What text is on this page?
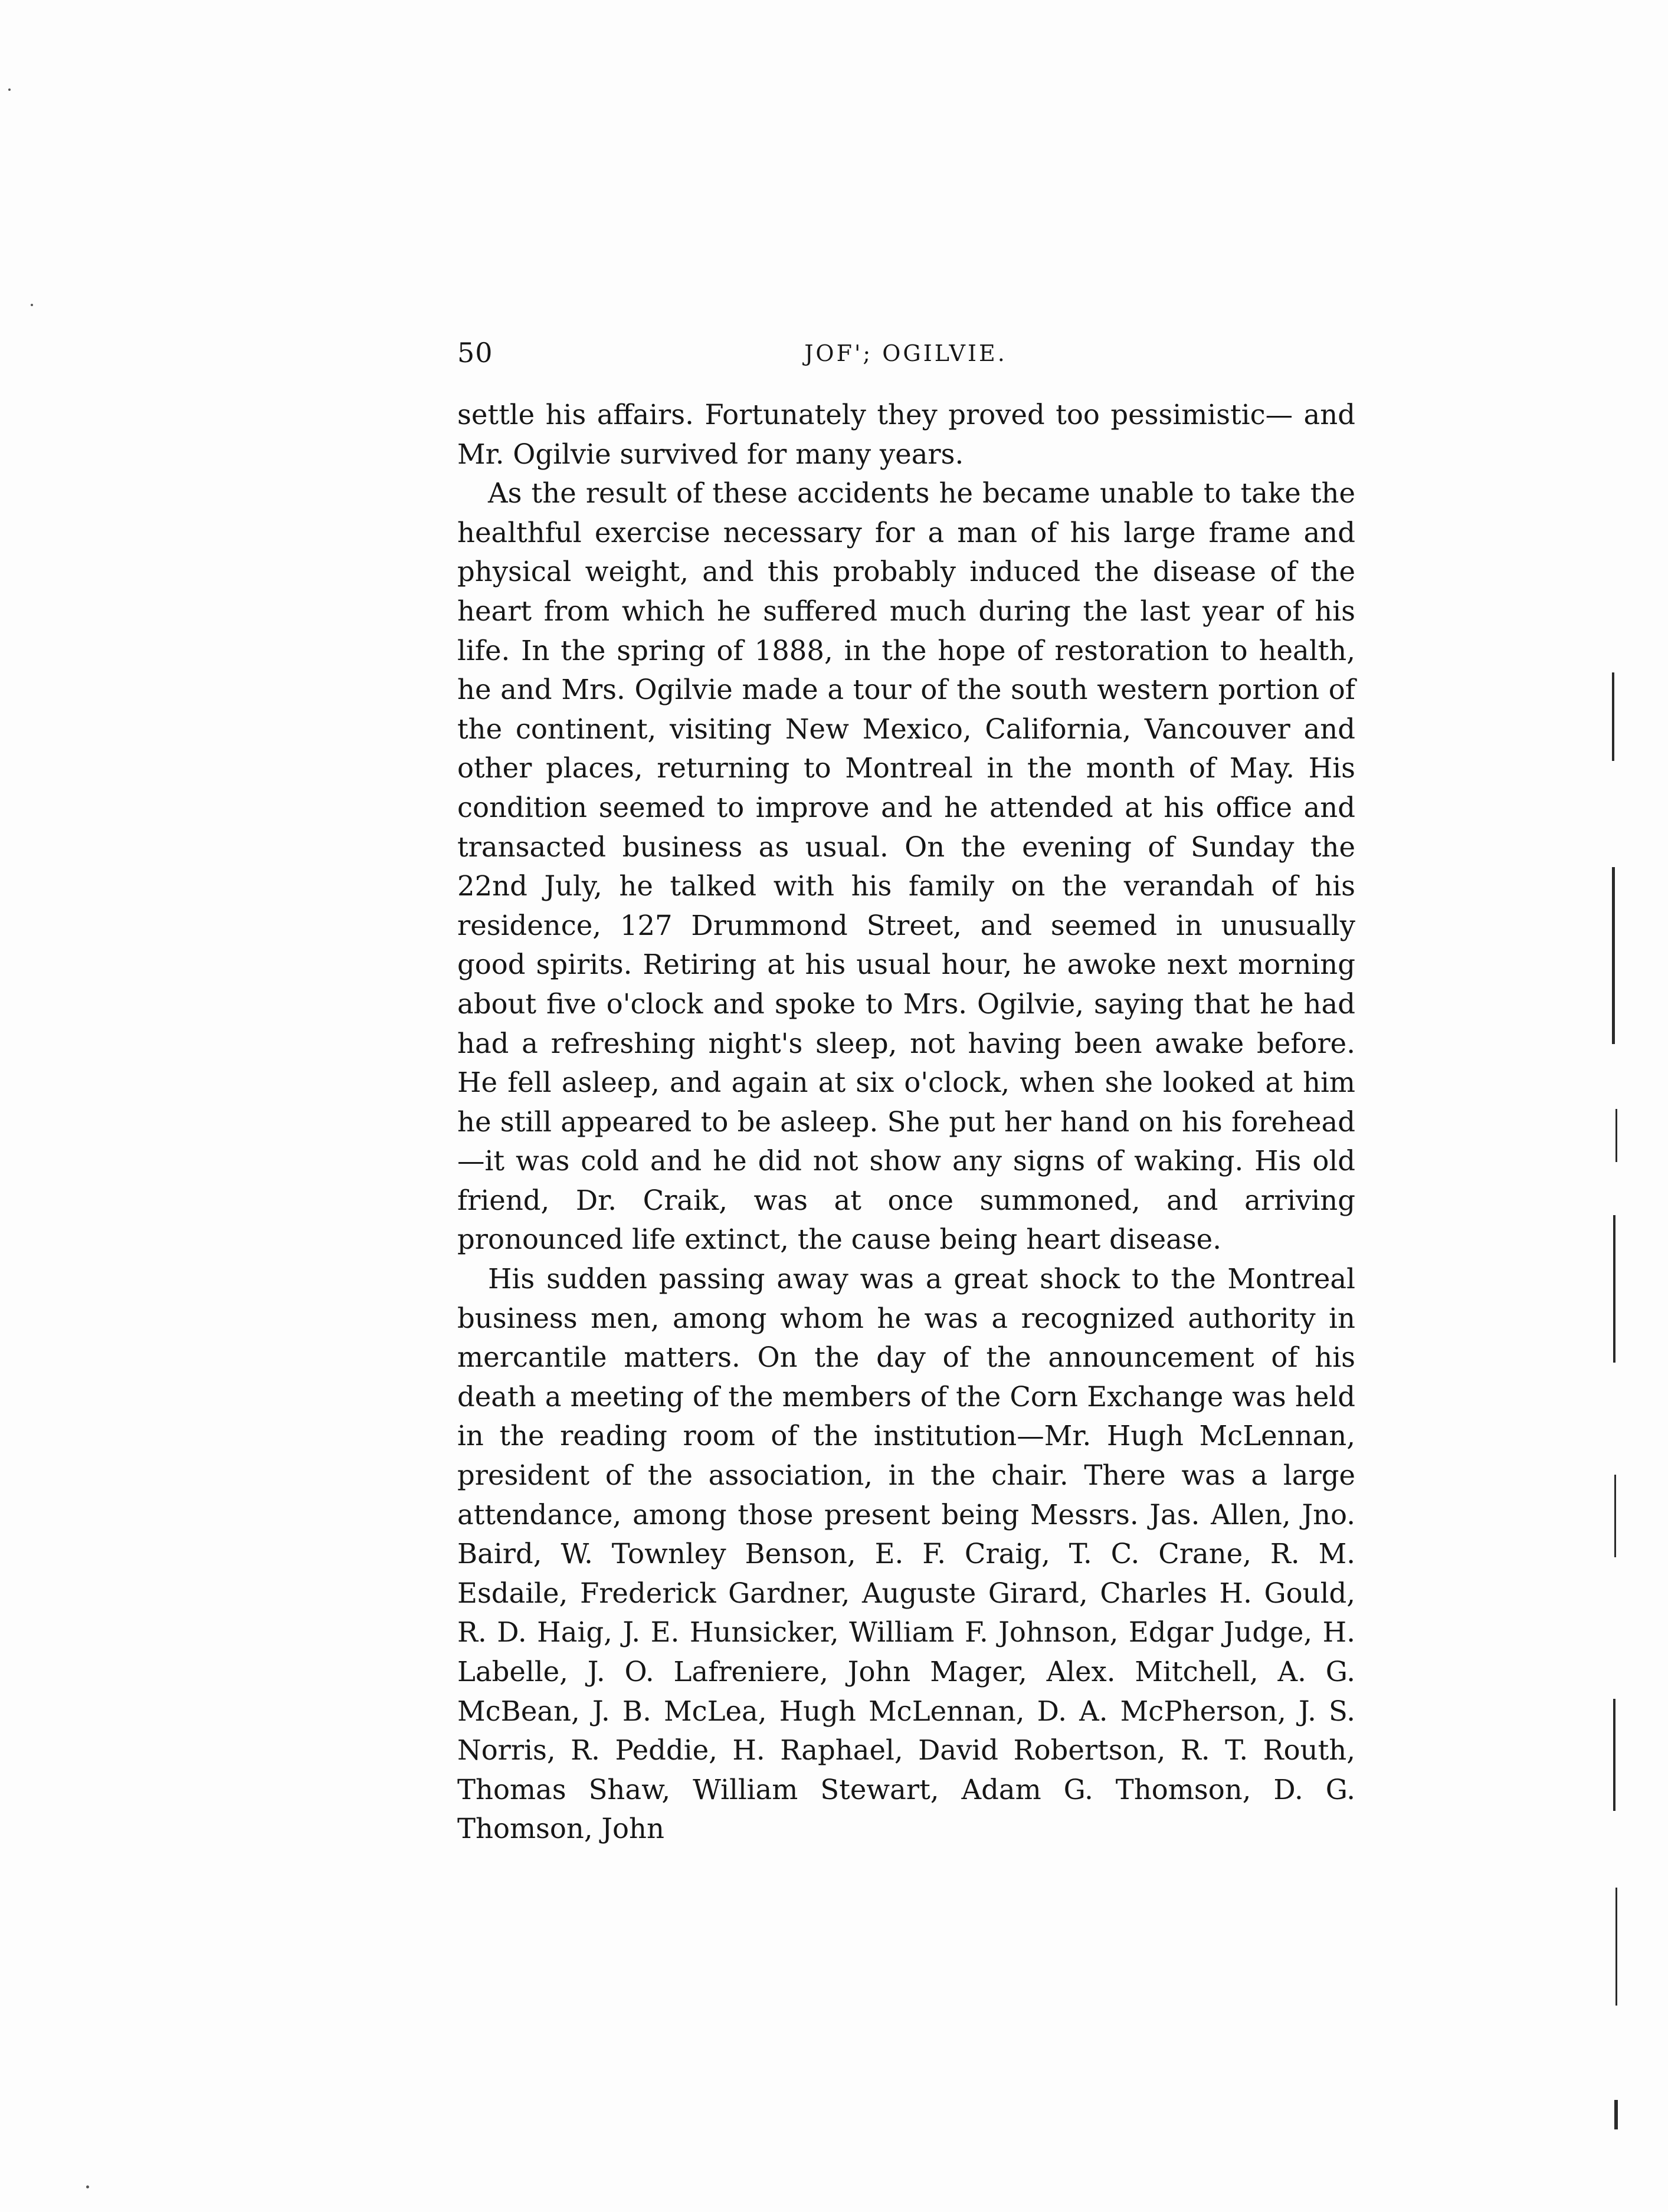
50	JOF'; OGILVIE.

settle his affairs. Fortunately they proved too pessimistic— and Mr. Ogilvie survived for many years.

As the result of these accidents he became unable to take the healthful exercise necessary for a man of his large frame and physical weight, and this probably induced the disease of the heart from which he suffered much during the last year of his life. In the spring of 1888, in the hope of restoration to health, he and Mrs. Ogilvie made a tour of the south western portion of the continent, visiting New Mexico, California, Vancouver and other places, returning to Montreal in the month of May. His condition seemed to improve and he attended at his office and transacted business as usual. On the evening of Sunday the 22nd July, he talked with his family on the verandah of his residence, 127 Drummond Street, and seemed in unusually good spirits. Retiring at his usual hour, he awoke next morning about five o'clock and spoke to Mrs. Ogilvie, saying that he had had a refreshing night's sleep, not having been awake before. He fell asleep, and again at six o'clock, when she looked at him he still appeared to be asleep. She put her hand on his forehead—it was cold and he did not show any signs of waking. His old friend, Dr. Craik, was at once summoned, and arriving pronounced life extinct, the cause being heart disease.

His sudden passing away was a great shock to the Montreal business men, among whom he was a recognized authority in mercantile matters. On the day of the announcement of his death a meeting of the members of the Corn Exchange was held in the reading room of the institution—Mr. Hugh McLennan, president of the association, in the chair. There was a large attendance, among those present being Messrs. Jas. Allen, Jno. Baird, W. Townley Benson, E. F. Craig, T. C. Crane, R. M. Esdaile, Frederick Gardner, Auguste Girard, Charles H. Gould, R. D. Haig, J. E. Hunsicker, William F. Johnson, Edgar Judge, H. Labelle, J. O. Lafreniere, John Mager, Alex. Mitchell, A. G. McBean, J. B. McLea, Hugh McLennan, D. A. McPherson, J. S. Norris, R. Peddie, H. Raphael, David Robertson, R. T. Routh, Thomas Shaw, William Stewart, Adam G. Thomson, D. G. Thomson, John
